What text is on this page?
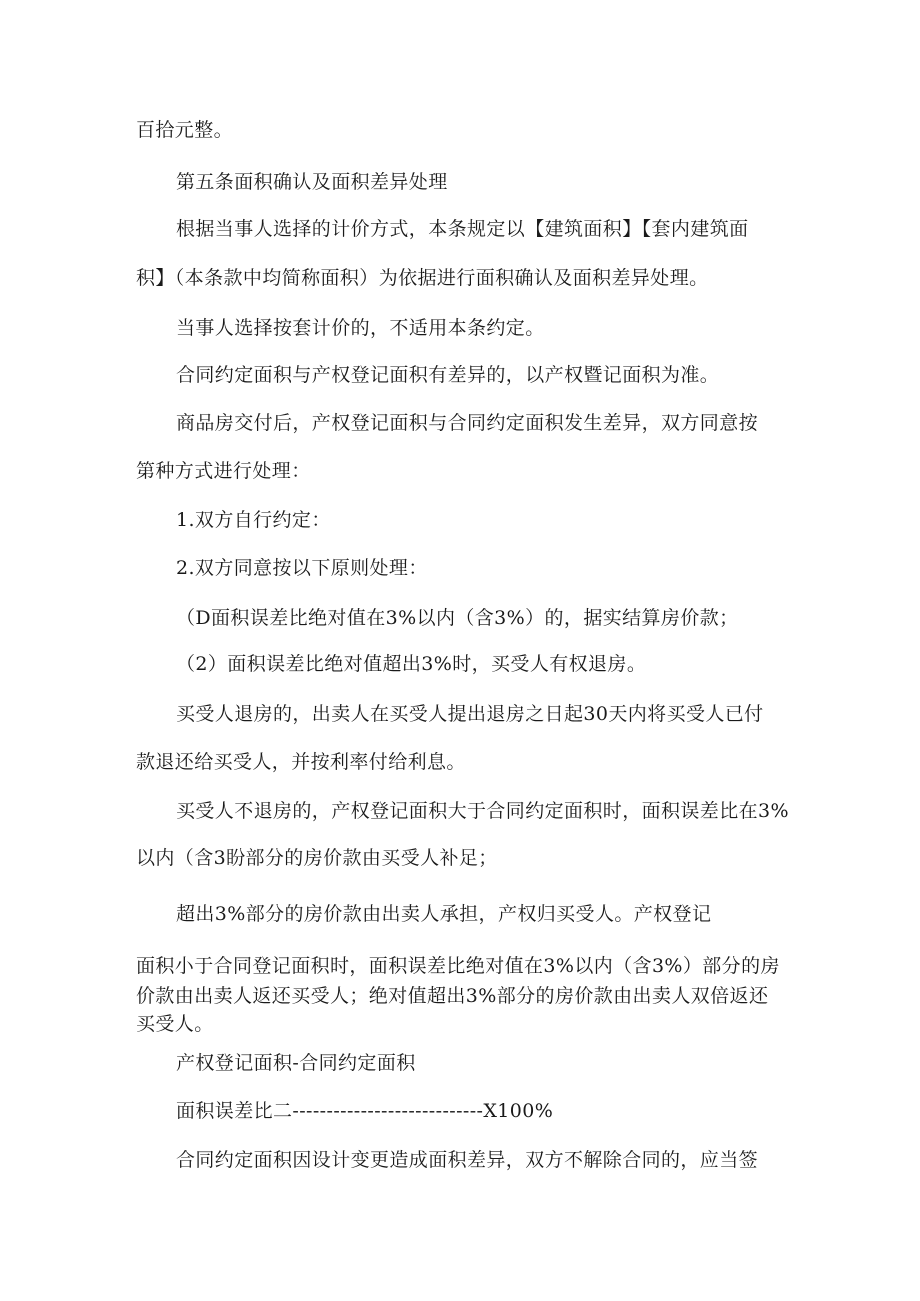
百拾元整。
第五条面积确认及面积差异处理
根据当事人选择的计价方式，本条规定以【建筑面积】【套内建筑面
积】（本条款中均简称面积）为依据进行面积确认及面积差异处理。
当事人选择按套计价的，不适用本条约定。
合同约定面积与产权登记面积有差异的，以产权暨记面积为准。
商品房交付后，产权登记面积与合同约定面积发生差异，双方同意按
第种方式进行处理：
1.双方自行约定：
2.双方同意按以下原则处理：
（D面积误差比绝对值在3%以内（含3%）的，据实结算房价款；
（2）面积误差比绝对值超出3%时，买受人有权退房。
买受人退房的，出卖人在买受人提出退房之日起30天内将买受人已付
款退还给买受人，并按利率付给利息。
买受人不退房的，产权登记面积大于合同约定面积时，面积误差比在3%
以内（含3盼部分的房价款由买受人补足；
超出3%部分的房价款由出卖人承担，产权归买受人。产权登记
面积小于合同登记面积时，面积误差比绝对值在3%以内（含3%）部分的房
价款由出卖人返还买受人；绝对值超出3%部分的房价款由出卖人双倍返还
买受人。
产权登记面积-合同约定面积
面积误差比二----------------------------X100%
合同约定面积因设计变更造成面积差异，双方不解除合同的，应当签
